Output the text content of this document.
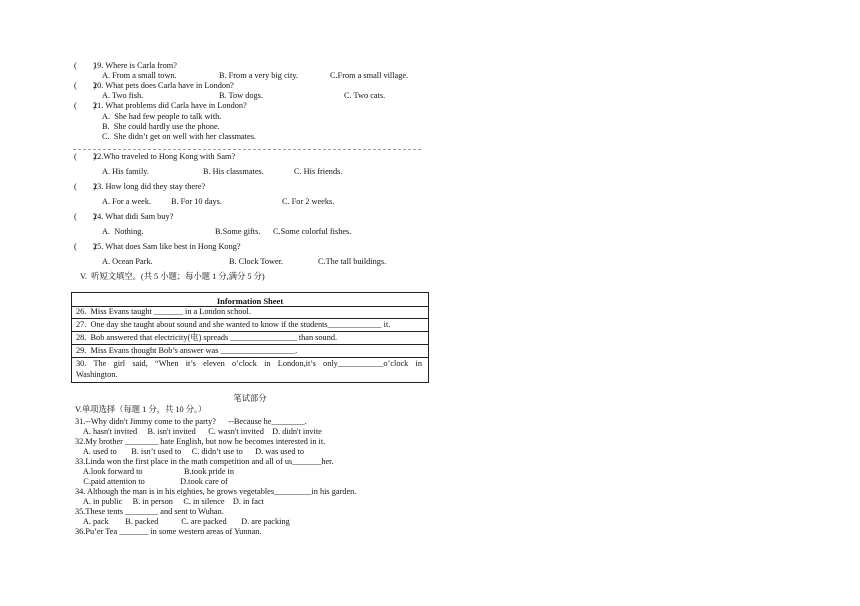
(        )
19. Where is Carla from?
A. From a small town.	B. From a very big city.	C.From a small village.
(        )
20. What pets does Carla have in London?
A. Two fish.	B. Tow dogs.	C. Two cats.
(        )
21. What problems did Carla have in London?
A.  She had few people to talk with.
B.  She could hardly use the phone.
C.  She didn’t get on well with her classmates.
(        )
22.Who traveled to Hong Kong with Sam?
A. His family.	B. His classmates.	C. His friends.
(        )
23. How long did they stay there?
A. For a week. B. For 10 days.	C. For 2 weeks.
(        )
24. What didi Sam buy?
A.  Nothing.	B.Some gifts. C.Some colorful fishes.
(        )
25. What does Sam like best in Hong Kong?
A. Ocean Park.	B. Clock Tower.	C.The tall buildings.
V.  听短文填空。(共 5 小题；每小题 1 分,满分 5 分)
Information Sheet
26.  Miss Evans taught _______ in a London school.
27.  One day she taught about sound and she wanted to know if the students_____________ it.
28.  Bob answered that electricity(电) spreads ________________ than sound.
29.  Miss Evans thought Bob’s answer was __________________.
30. The girl said, “When it’s eleven o’clock in London,it’s only___________o’clock in
Washington.
笔试部分
V.单项选择（每题 1 分，共 10 分。）
31.--Why didn't Jimmy come to the party?      --Because he________.
A. hasn't invited     B. isn't invited      C. wasn't invited    D. didn't invite
32.My brother ________ hate English, but now he becomes interested in it.
A. used to       B. isn’t used to     C. didn’t use to      D. was used to
33.Linda won the first place in the math competition and all of us_______her.
A.look forward to                    B.took pride in
C.paid attention to                 D.took care of
34. Although the man is in his eighties, he grows vegetables_________in his garden.
A. in public     B. in person     C. in silence    D. in fact
35.These tents ________ and sent to Wuhan.
A. pack        B. packed           C. are packed       D. are packing
36.Pu’er Tea _______ in some western areas of Yunnan.
